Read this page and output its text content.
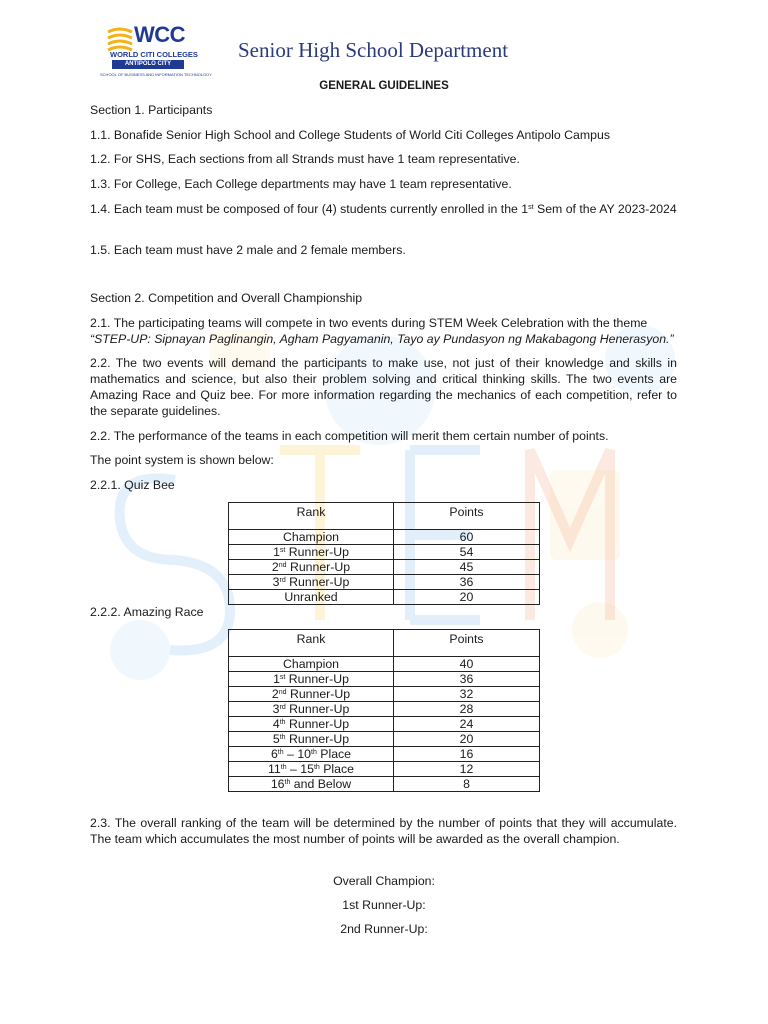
WCC
WORLD CITI COLLEGES
ANTIPOLO CITY
SCHOOL OF BUSINESS AND INFORMATION TECHNOLOGY
Senior High School Department
GENERAL GUIDELINES
Section 1. Participants
1.1. Bonafide Senior High School and College Students of World Citi Colleges Antipolo Campus
1.2. For SHS, Each sections from all Strands must have 1 team representative.
1.3. For College, Each College departments may have 1 team representative.
1.4. Each team must be composed of four (4) students currently enrolled in the 1st Sem of the AY 2023-2024
1.5. Each team must have 2 male and 2 female members.
Section 2. Competition and Overall Championship
2.1. The participating teams will compete in two events during STEM Week Celebration with the theme
“STEP-UP: Sipnayan Paglinangin, Agham Pagyamanin, Tayo ay Pundasyon ng Makabagong Henerasyon.”
2.2. The two events will demand the participants to make use, not just of their knowledge and skills in mathematics and science, but also their problem solving and critical thinking skills. The two events are Amazing Race and Quiz bee. For more information regarding the mechanics of each competition, refer to the separate guidelines.
2.2. The performance of the teams in each competition will merit them certain number of points.
The point system is shown below:
2.2.1. Quiz Bee
Rank	Points
Champion	60
1st Runner-Up	54
2nd Runner-Up	45
3rd Runner-Up	36
Unranked	20
2.2.2. Amazing Race
Rank	Points
Champion	40
1st Runner-Up	36
2nd Runner-Up	32
3rd Runner-Up	28
4th Runner-Up	24
5th Runner-Up	20
6th – 10th Place	16
11th – 15th Place	12
16th and Below	8
2.3. The overall ranking of the team will be determined by the number of points that they will accumulate. The team which accumulates the most number of points will be awarded as the overall champion.
Overall Champion:
1st Runner-Up:
2nd Runner-Up:
